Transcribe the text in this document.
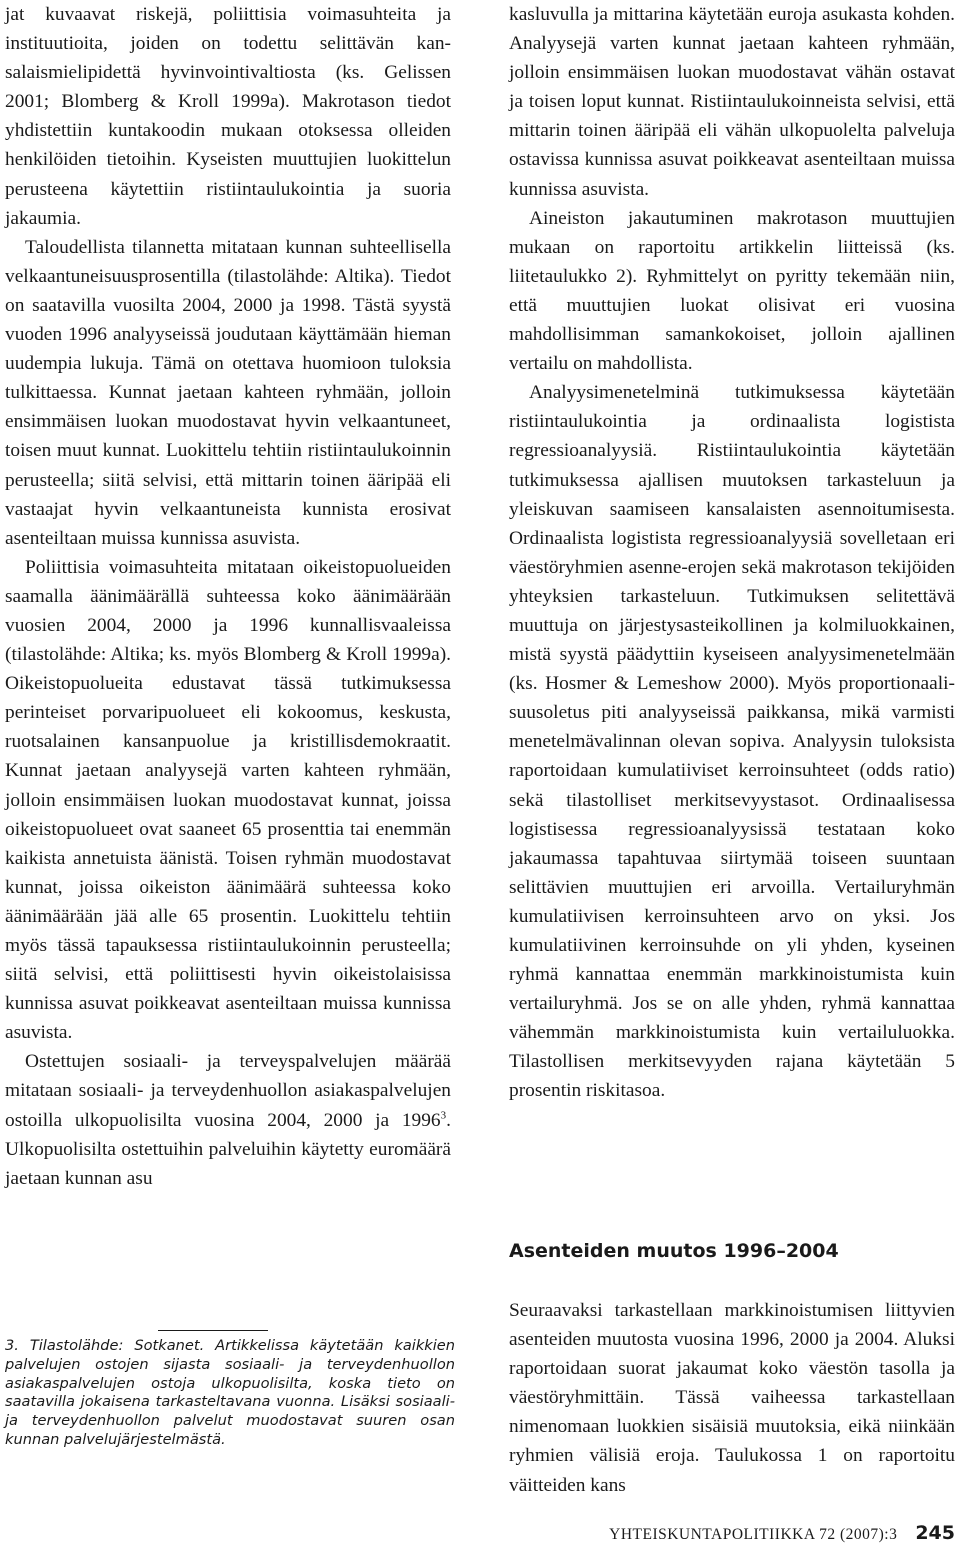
jat kuvaavat riskejä, poliittisia voimasuhteita ja instituutioita, joiden on todettu selittävän kansalaismielipidettä hyvinvointivaltiosta (ks. Gelissen 2001; Blomberg & Kroll 1999a). Makrotason tiedot yhdistettiin kuntakoodin mukaan otoksessa olleiden henkilöiden tietoihin. Kyseisten muuttujien luokittelun perusteena käytettiin ristiintaulukointia ja suoria jakaumia.

Taloudellista tilannetta mitataan kunnan suhteellisella velkaantuneisuusprosentilla (tilastolähde: Altika). Tiedot on saatavilla vuosilta 2004, 2000 ja 1998. Tästä syystä vuoden 1996 analyyseissä joudutaan käyttämään hieman uudempia lukuja. Tämä on otettava huomioon tuloksia tulkittaessa. Kunnat jaetaan kahteen ryhmään, jolloin ensimmäisen luokan muodostavat hyvin velkaantuneet, toisen muut kunnat. Luokittelu tehtiin ristiintaulukoinnin perusteella; siitä selvisi, että mittarin toinen ääripää eli vastaajat hyvin velkaantuneista kunnista erosivat asenteiltaan muissa kunnissa asuvista.

Poliittisia voimasuhteita mitataan oikeistopuolueiden saamalla äänimäärällä suhteessa koko äänimäärään vuosien 2004, 2000 ja 1996 kunnallisvaaleissa (tilastolähde: Altika; ks. myös Blomberg & Kroll 1999a). Oikeistopuolueita edustavat tässä tutkimuksessa perinteiset porvaripuolueet eli kokoomus, keskusta, ruotsalainen kansanpuolue ja kristillisdemokraatit. Kunnat jaetaan analyysejä varten kahteen ryhmään, jolloin ensimmäisen luokan muodostavat kunnat, joissa oikeistopuolueet ovat saaneet 65 prosenttia tai enemmän kaikista annetuista äänistä. Toisen ryhmän muodostavat kunnat, joissa oikeiston äänimäärä suhteessa koko äänimäärään jää alle 65 prosentin. Luokittelu tehtiin myös tässä tapauksessa ristiintaulukoinnin perusteella; siitä selvisi, että poliittisesti hyvin oikeistolaisissa kunnissa asuvat poikkeavat asenteiltaan muissa kunnissa asuvista.

Ostettujen sosiaali- ja terveyspalvelujen määrää mitataan sosiaali- ja terveydenhuollon asiakaspalvelujen ostoilla ulkopuolisilta vuosina 2004, 2000 ja 1996$^3$. Ulkopuolisilta ostettuihin palveluihin käytetty euromäärä jaetaan kunnan asu

3. Tilastolähde: Sotkanet. Artikkelissa käytetään kaikkien palvelujen ostojen sijasta sosiaali- ja terveydenhuollon asiakaspalvelujen ostoja ulkopuolisilta, koska tieto on saatavilla jokaisena tarkasteltavana vuonna. Lisäksi sosiaali- ja terveydenhuollon palvelut muodostavat suuren osan kunnan palvelujärjestelmästä.

kasluvulla ja mittarina käytetään euroja asukasta kohden. Analyysejä varten kunnat jaetaan kahteen ryhmään, jolloin ensimmäisen luokan muodostavat vähän ostavat ja toisen loput kunnat. Ristiintaulukoinneista selvisi, että mittarin toinen ääripää eli vähän ulkopuolelta palveluja ostavissa kunnissa asuvat poikkeavat asenteiltaan muissa kunnissa asuvista.

Aineiston jakautuminen makrotason muuttujien mukaan on raportoitu artikkelin liitteissä (ks. liitetaulukko 2). Ryhmittelyt on pyritty tekemään niin, että muuttujien luokat olisivat eri vuosina mahdollisimman samankokoiset, jolloin ajallinen vertailu on mahdollista.

Analyysimenetelminä tutkimuksessa käytetään ristiintaulukointia ja ordinaalista logistista regressioanalyysiä. Ristiintaulukointia käytetään tutkimuksessa ajallisen muutoksen tarkasteluun ja yleiskuvan saamiseen kansalaisten asennoitumisesta. Ordinaalista logistista regressioanalyysiä sovelletaan eri väestöryhmien asenne-erojen sekä makrotason tekijöiden yhteyksien tarkasteluun. Tutkimuksen selitettävä muuttuja on järjestysasteikollinen ja kolmiluokkainen, mistä syystä päädyttiin kyseiseen analyysimenetelmään (ks. Hosmer & Lemeshow 2000). Myös proportionaalisuusoletus piti analyyseissä paikkansa, mikä varmisti menetelmävalinnan olevan sopiva. Analyysin tuloksista raportoidaan kumulatiiviset kerroinsuhteet (odds ratio) sekä tilastolliset merkitsevyystasot. Ordinaalisessa logistisessa regressioanalyysissä testataan koko jakaumassa tapahtuvaa siirtymää toiseen suuntaan selittävien muuttujien eri arvoilla. Vertailuryhmän kumulatiivisen kerroinsuhteen arvo on yksi. Jos kumulatiivinen kerroinsuhde on yli yhden, kyseinen ryhmä kannattaa enemmän markkinoistumista kuin vertailuryhmä. Jos se on alle yhden, ryhmä kannattaa vähemmän markkinoistumista kuin vertailuluokka. Tilastollisen merkitsevyyden rajana käytetään 5 prosentin riskitasoa.

Asenteiden muutos 1996–2004

Seuraavaksi tarkastellaan markkinoistumisen liittyvien asenteiden muutosta vuosina 1996, 2000 ja 2004. Aluksi raportoidaan suorat jakaumat koko väestön tasolla ja väestöryhmittäin. Tässä vaiheessa tarkastellaan nimenomaan luokkien sisäisiä muutoksia, eikä niinkään ryhmien välisiä eroja. Taulukossa 1 on raportoitu väitteiden kans

YHTEISKUNTAPOLITIIKKA 72 (2007):3 245
